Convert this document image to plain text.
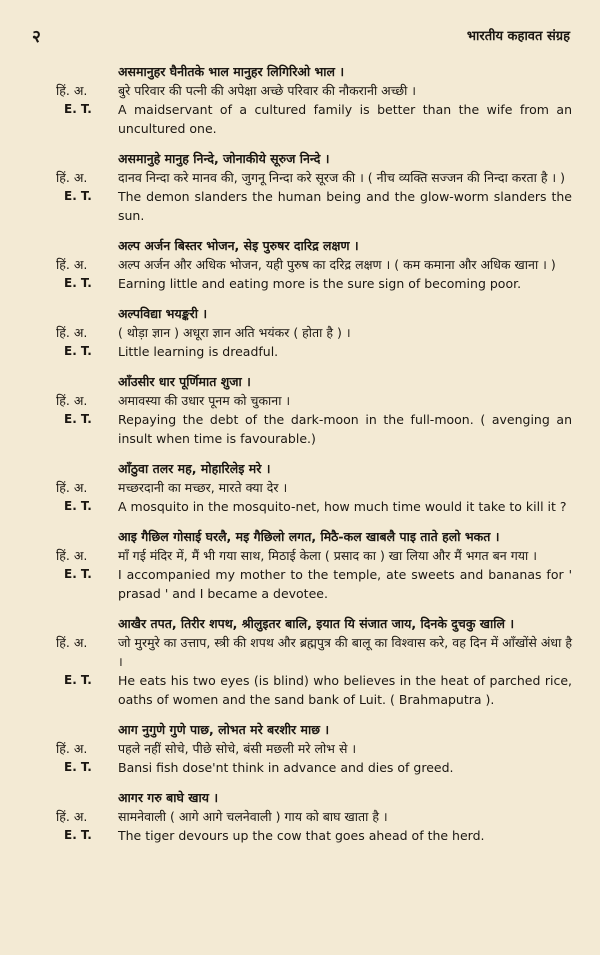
२	भारतीय कहावत संग्रह
असमानुहर घैनीतके भाल मानुहर लिगिरिओ भाल ।
हिं. अ.	बुरे परिवार की पत्नी की अपेक्षा अच्छे परिवार की नौकरानी अच्छी ।
E. T.	A maidservant of a cultured family is better than the wife from an uncultured one.
असमानुहे मानुह निन्दे, जोनाकीये सूरुज निन्दे ।
हिं. अ.	दानव निन्दा करे मानव की, जुगनू निन्दा करे सूरज की । ( नीच व्यक्ति सज्जन की निन्दा करता है । )
E. T.	The demon slanders the human being and the glow-worm slanders the sun.
अल्प अर्जन बिस्तर भोजन, सेइ पुरुषर दारिद्र लक्षण ।
हिं. अ.	अल्प अर्जन और अधिक भोजन, यही पुरुष का दरिद्र लक्षण । ( कम कमाना और अधिक खाना । )
E. T.	Earning little and eating more is the sure sign of becoming poor.
अल्पविद्या भयङ्करी ।
हिं. अ.	( थोड़ा ज्ञान ) अधूरा ज्ञान अति भयंकर ( होता है ) ।
E. T.	Little learning is dreadful.
आँउसीर धार पूर्णिमात शुजा ।
हिं. अ.	अमावस्या की उधार पूनम को चुकाना ।
E. T.	Repaying the debt of the dark-moon in the full-moon. ( avenging an insult when time is favourable.)
आँठुवा तलर मह, मोहारिलेइ मरे ।
हिं. अ.	मच्छरदानी का मच्छर, मारते क्या देर ।
E. T.	A mosquito in the mosquito-net, how much time would it take to kill it ?
आइ गैछिल गोसाई घरलै, मइ गैछिलो लगत, मिठै-कल खाबलै पाइ ताते हलो भकत ।
हिं. अ.	माँ गई मंदिर में, मैं भी गया साथ, मिठाई केला ( प्रसाद का ) खा लिया और मैं भगत बन गया ।
E. T.	I accompanied my mother to the temple, ate sweets and bananas for ' prasad ' and I became a devotee.
आखैर तपत, तिरीर शपथ, श्रीलुइतर बालि, इयात यि संजात जाय, दिनके दुचकु खालि ।
हिं. अ.	जो मुरमुरे का उत्ताप, स्त्री की शपथ और ब्रह्मपुत्र की बालू का विश्वास करे, वह दिन में आँखोंसे अंधा है ।
E. T.	He eats his two eyes (is blind) who believes in the heat of parched rice, oaths of women and the sand bank of Luit. ( Brahmaputra ).
आग नुगुणे गुणे पाछ, लोभत मरे बरशीर माछ ।
हिं. अ.	पहले नहीं सोचे, पीछे सोचे, बंसी मछली मरे लोभ से ।
E. T.	Bansi fish dose'nt think in advance and dies of greed.
आगर गरु बाघे खाय ।
हिं. अ.	सामनेवाली ( आगे आगे चलनेवाली ) गाय को बाघ खाता है ।
E. T.	The tiger devours up the cow that goes ahead of the herd.
